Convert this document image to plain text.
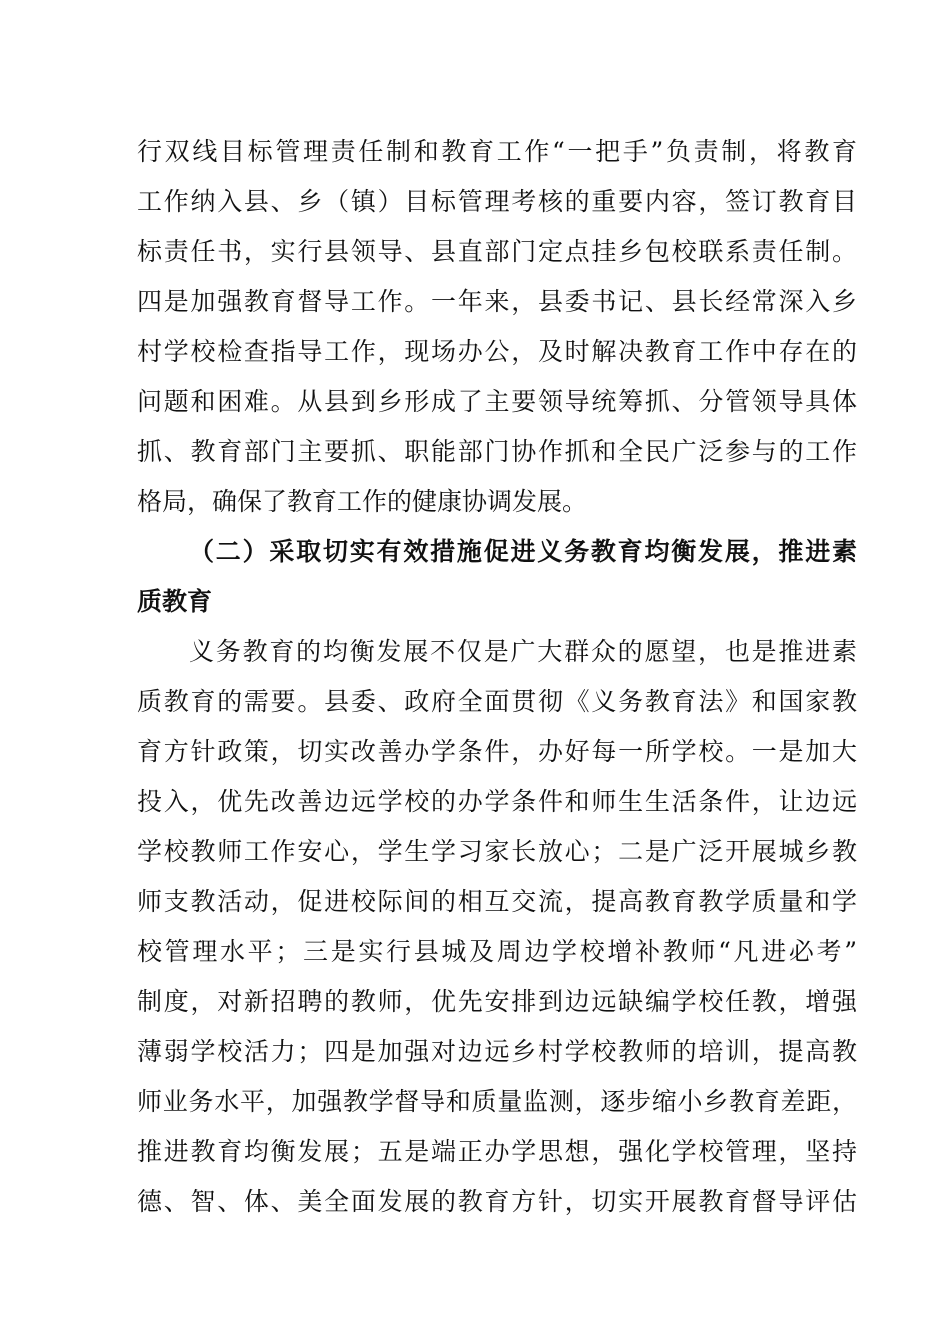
行双线目标管理责任制和教育工作“一把手”负责制，将教育
工作纳入县、乡（镇）目标管理考核的重要内容，签订教育目
标责任书，实行县领导、县直部门定点挂乡包校联系责任制。
四是加强教育督导工作。一年来，县委书记、县长经常深入乡
村学校检查指导工作，现场办公，及时解决教育工作中存在的
问题和困难。从县到乡形成了主要领导统筹抓、分管领导具体
抓、教育部门主要抓、职能部门协作抓和全民广泛参与的工作
格局，确保了教育工作的健康协调发展。
（二）采取切实有效措施促进义务教育均衡发展，推进素
质教育
义务教育的均衡发展不仅是广大群众的愿望，也是推进素
质教育的需要。县委、政府全面贯彻《义务教育法》和国家教
育方针政策，切实改善办学条件，办好每一所学校。一是加大
投入，优先改善边远学校的办学条件和师生生活条件，让边远
学校教师工作安心，学生学习家长放心；二是广泛开展城乡教
师支教活动，促进校际间的相互交流，提高教育教学质量和学
校管理水平；三是实行县城及周边学校增补教师“凡进必考”
制度，对新招聘的教师，优先安排到边远缺编学校任教，增强
薄弱学校活力；四是加强对边远乡村学校教师的培训，提高教
师业务水平，加强教学督导和质量监测，逐步缩小乡教育差距，
推进教育均衡发展；五是端正办学思想，强化学校管理，坚持
德、智、体、美全面发展的教育方针，切实开展教育督导评估
